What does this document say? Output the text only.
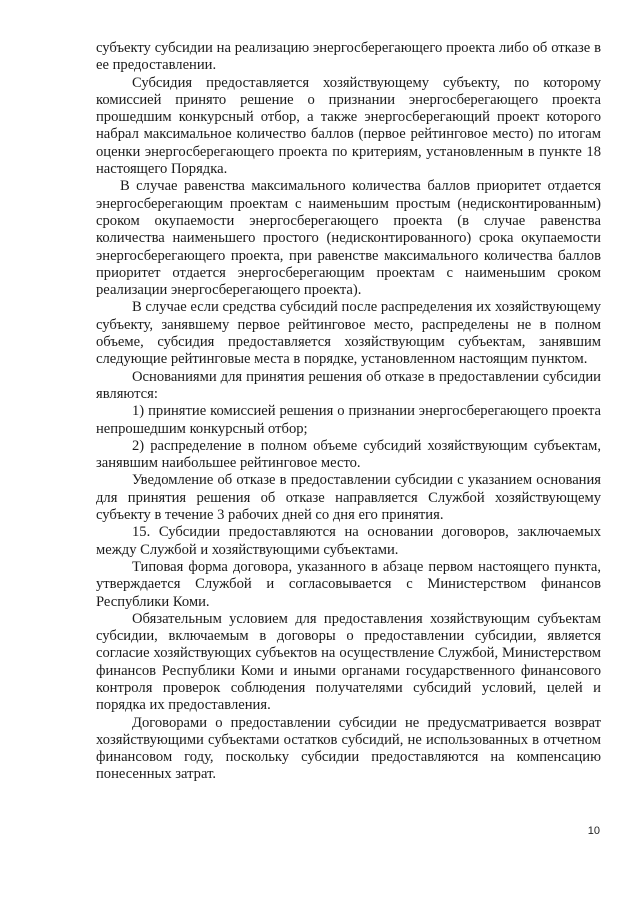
субъекту субсидии на реализацию энергосберегающего проекта либо об отказе в ее предоставлении.

Субсидия предоставляется хозяйствующему субъекту, по которому комиссией принято решение о признании энергосберегающего проекта прошедшим конкурсный отбор, а также энергосберегающий проект которого набрал максимальное количество баллов (первое рейтинговое место) по итогам оценки энергосберегающего проекта по критериям, установленным в пункте 18 настоящего Порядка.

В случае равенства максимального количества баллов приоритет отдается энергосберегающим проектам с наименьшим простым (недисконтированным) сроком окупаемости энергосберегающего проекта (в случае равенства количества наименьшего простого (недисконтированного) срока окупаемости энергосберегающего проекта, при равенстве максимального количества баллов приоритет отдается энергосберегающим проектам с наименьшим сроком реализации энергосберегающего проекта).

В случае если средства субсидий после распределения их хозяйствующему субъекту, занявшему первое рейтинговое место, распределены не в полном объеме, субсидия предоставляется хозяйствующим субъектам, занявшим следующие рейтинговые места в порядке, установленном настоящим пунктом.

Основаниями для принятия решения об отказе в предоставлении субсидии являются:

1) принятие комиссией решения о признании энергосберегающего проекта непрошедшим конкурсный отбор;

2) распределение в полном объеме субсидий хозяйствующим субъектам, занявшим наибольшее рейтинговое место.

Уведомление об отказе в предоставлении субсидии с указанием основания для принятия решения об отказе направляется Службой хозяйствующему субъекту в течение 3 рабочих дней со дня его принятия.

15. Субсидии предоставляются на основании договоров, заключаемых между Службой и хозяйствующими субъектами.

Типовая форма договора, указанного в абзаце первом настоящего пункта, утверждается Службой и согласовывается с Министерством финансов Республики Коми.

Обязательным условием для предоставления хозяйствующим субъектам субсидии, включаемым в договоры о предоставлении субсидии, является согласие хозяйствующих субъектов на осуществление Службой, Министерством финансов Республики Коми и иными органами государственного финансового контроля проверок соблюдения получателями субсидий условий, целей и порядка их предоставления.

Договорами о предоставлении субсидии не предусматривается возврат хозяйствующими субъектами остатков субсидий, не использованных в отчетном финансовом году, поскольку субсидии предоставляются на компенсацию понесенных затрат.

10
